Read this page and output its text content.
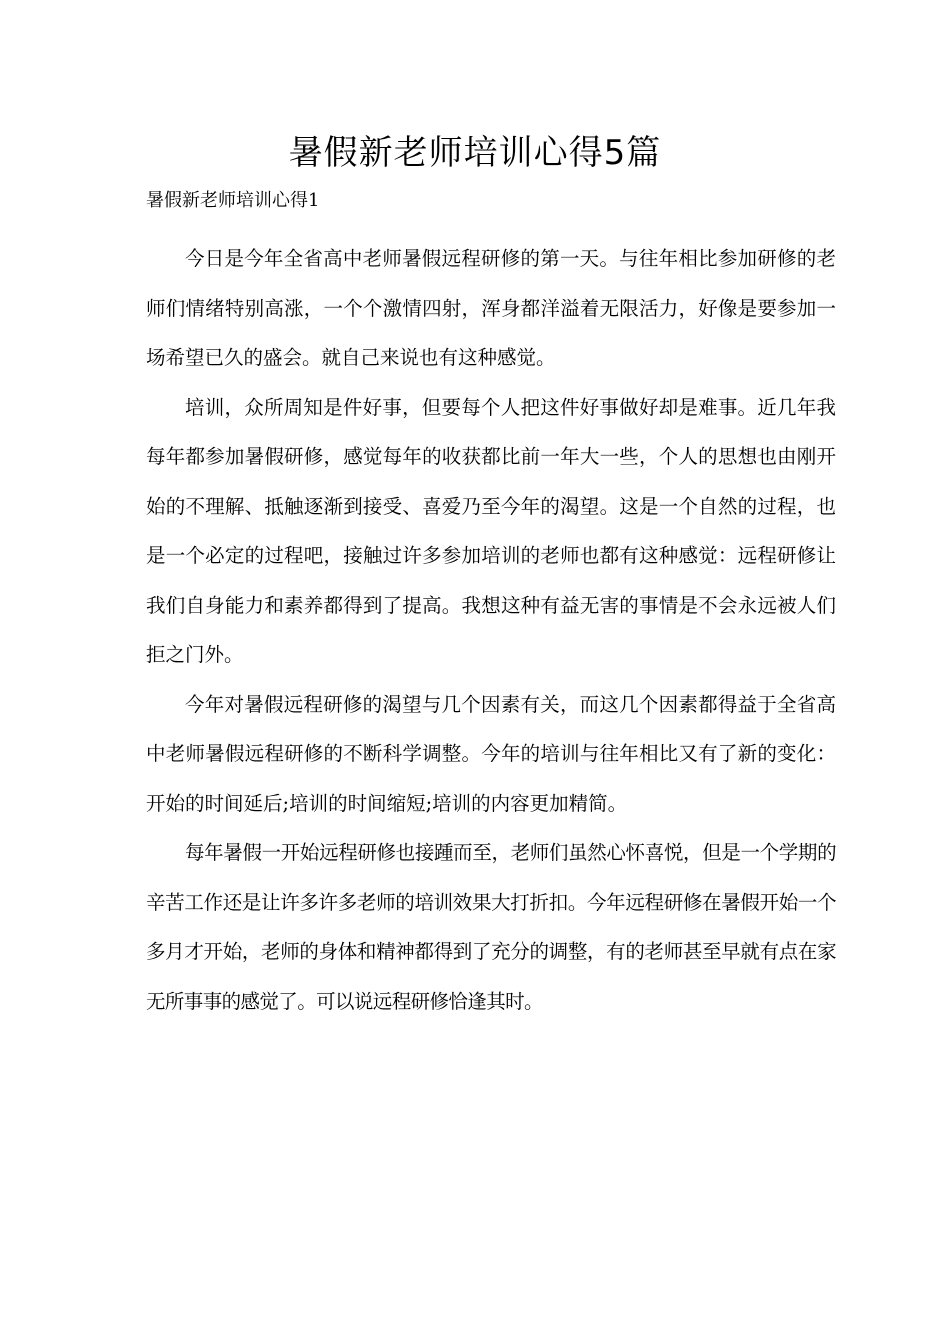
暑假新老师培训心得5篇
暑假新老师培训心得1

今日是今年全省高中老师暑假远程研修的第一天。与往年相比参加研修的老师们情绪特别高涨，一个个激情四射，浑身都洋溢着无限活力，好像是要参加一场希望已久的盛会。就自己来说也有这种感觉。

培训，众所周知是件好事，但要每个人把这件好事做好却是难事。近几年我每年都参加暑假研修，感觉每年的收获都比前一年大一些，个人的思想也由刚开始的不理解、抵触逐渐到接受、喜爱乃至今年的渴望。这是一个自然的过程，也是一个必定的过程吧，接触过许多参加培训的老师也都有这种感觉：远程研修让我们自身能力和素养都得到了提高。我想这种有益无害的事情是不会永远被人们拒之门外。

今年对暑假远程研修的渴望与几个因素有关，而这几个因素都得益于全省高中老师暑假远程研修的不断科学调整。今年的培训与往年相比又有了新的变化：开始的时间延后;培训的时间缩短;培训的内容更加精简。

每年暑假一开始远程研修也接踵而至，老师们虽然心怀喜悦，但是一个学期的辛苦工作还是让许多许多老师的培训效果大打折扣。今年远程研修在暑假开始一个多月才开始，老师的身体和精神都得到了充分的调整，有的老师甚至早就有点在家无所事事的感觉了。可以说远程研修恰逢其时。
